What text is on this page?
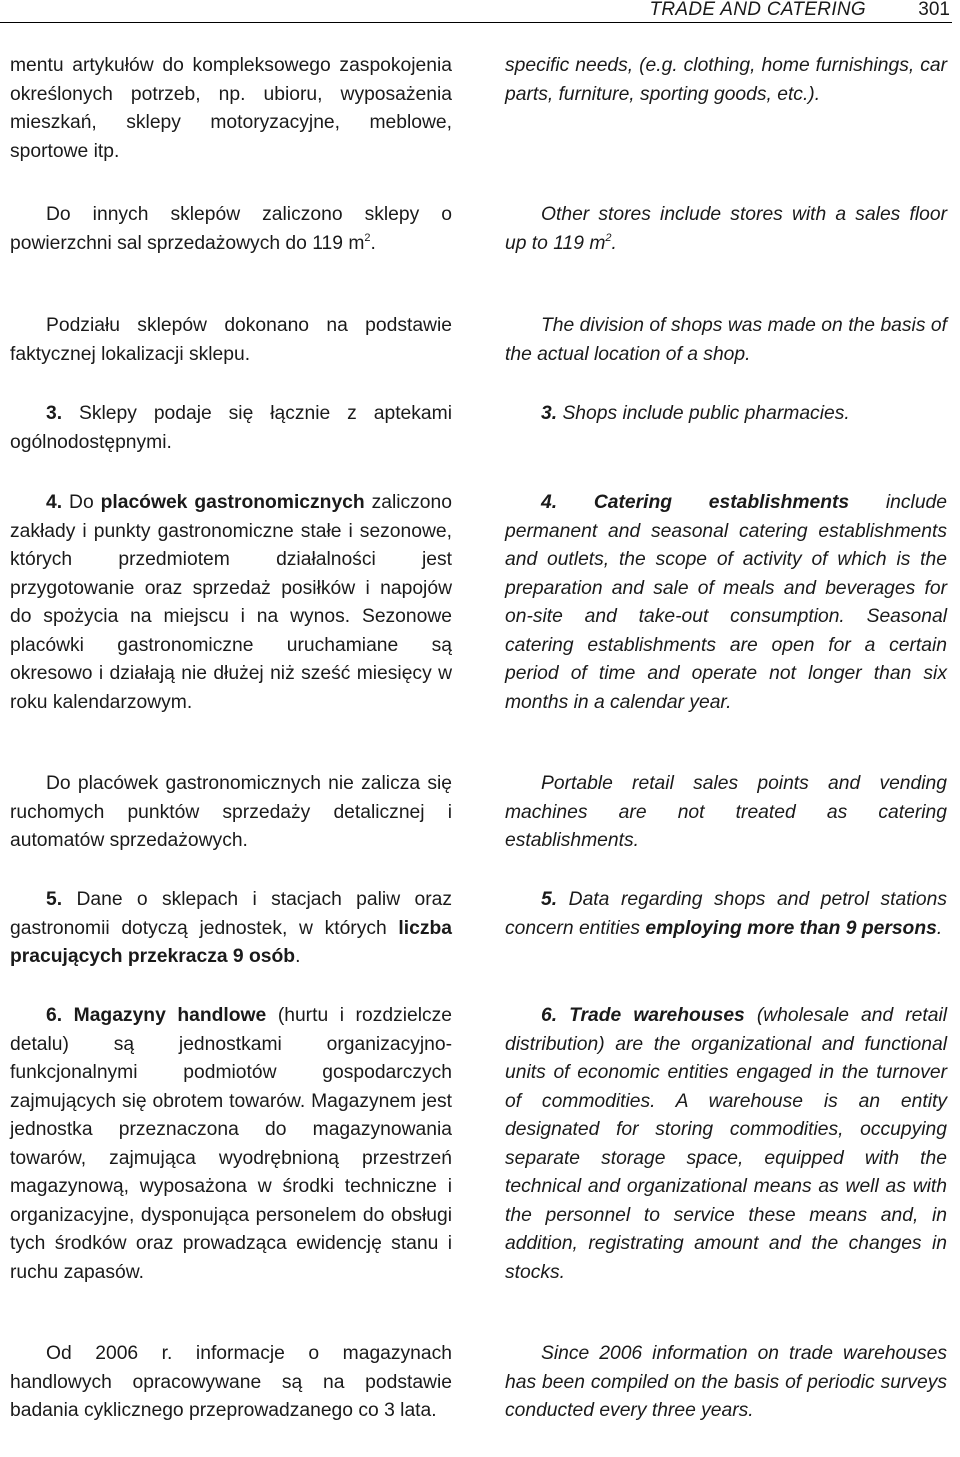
TRADE AND CATERING	301

mentu artykułów do kompleksowego zaspokojenia określonych potrzeb, np. ubioru, wyposażenia mieszkań, sklepy motoryzacyjne, meblowe, sportowe itp.

Do innych sklepów zaliczono sklepy o powierzchni sal sprzedażowych do 119 $m^2$.

Podziału sklepów dokonano na podstawie faktycznej lokalizacji sklepu.

3. Sklepy podaje się łącznie z aptekami ogólnodostępnymi.

4. Do placówek gastronomicznych zaliczono zakłady i punkty gastronomiczne stałe i sezonowe, których przedmiotem działalności jest przygotowanie oraz sprzedaż posiłków i napojów do spożycia na miejscu i na wynos. Sezonowe placówki gastronomiczne uruchamiane są okresowo i działają nie dłużej niż sześć miesięcy w roku kalendarzowym.

Do placówek gastronomicznych nie zalicza się ruchomych punktów sprzedaży detalicznej i automatów sprzedażowych.

5. Dane o sklepach i stacjach paliw oraz gastronomii dotyczą jednostek, w których liczba pracujących przekracza 9 osób.

6. Magazyny handlowe (hurtu i rozdzielcze detalu) są jednostkami organizacyjno-funkcjonalnymi podmiotów gospodarczych zajmujących się obrotem towarów. Magazynem jest jednostka przeznaczona do magazynowania towarów, zajmująca wyodrębnioną przestrzeń magazynową, wyposażona w środki techniczne i organizacyjne, dysponująca personelem do obsługi tych środków oraz prowadząca ewidencję stanu i ruchu zapasów.

Od 2006 r. informacje o magazynach handlowych opracowywane są na podstawie badania cyklicznego przeprowadzanego co 3 lata.

specific needs, (e.g. clothing, home furnishings, car parts, furniture, sporting goods, etc.).

Other stores include stores with a sales floor up to 119 $m^2$.

The division of shops was made on the basis of the actual location of a shop.

3. Shops include public pharmacies.

4. Catering establishments include permanent and seasonal catering establishments and outlets, the scope of activity of which is the preparation and sale of meals and beverages for on-site and take-out consumption. Seasonal catering establishments are open for a certain period of time and operate not longer than six months in a calendar year.

Portable retail sales points and vending machines are not treated as catering establishments.

5. Data regarding shops and petrol stations concern entities employing more than 9 persons.

6. Trade warehouses (wholesale and retail distribution) are the organizational and functional units of economic entities engaged in the turnover of commodities. A warehouse is an entity designated for storing commodities, occupying separate storage space, equipped with the technical and organizational means as well as with the personnel to service these means and, in addition, registrating amount and the changes in stocks.

Since 2006 information on trade warehouses has been compiled on the basis of periodic surveys conducted every three years.
